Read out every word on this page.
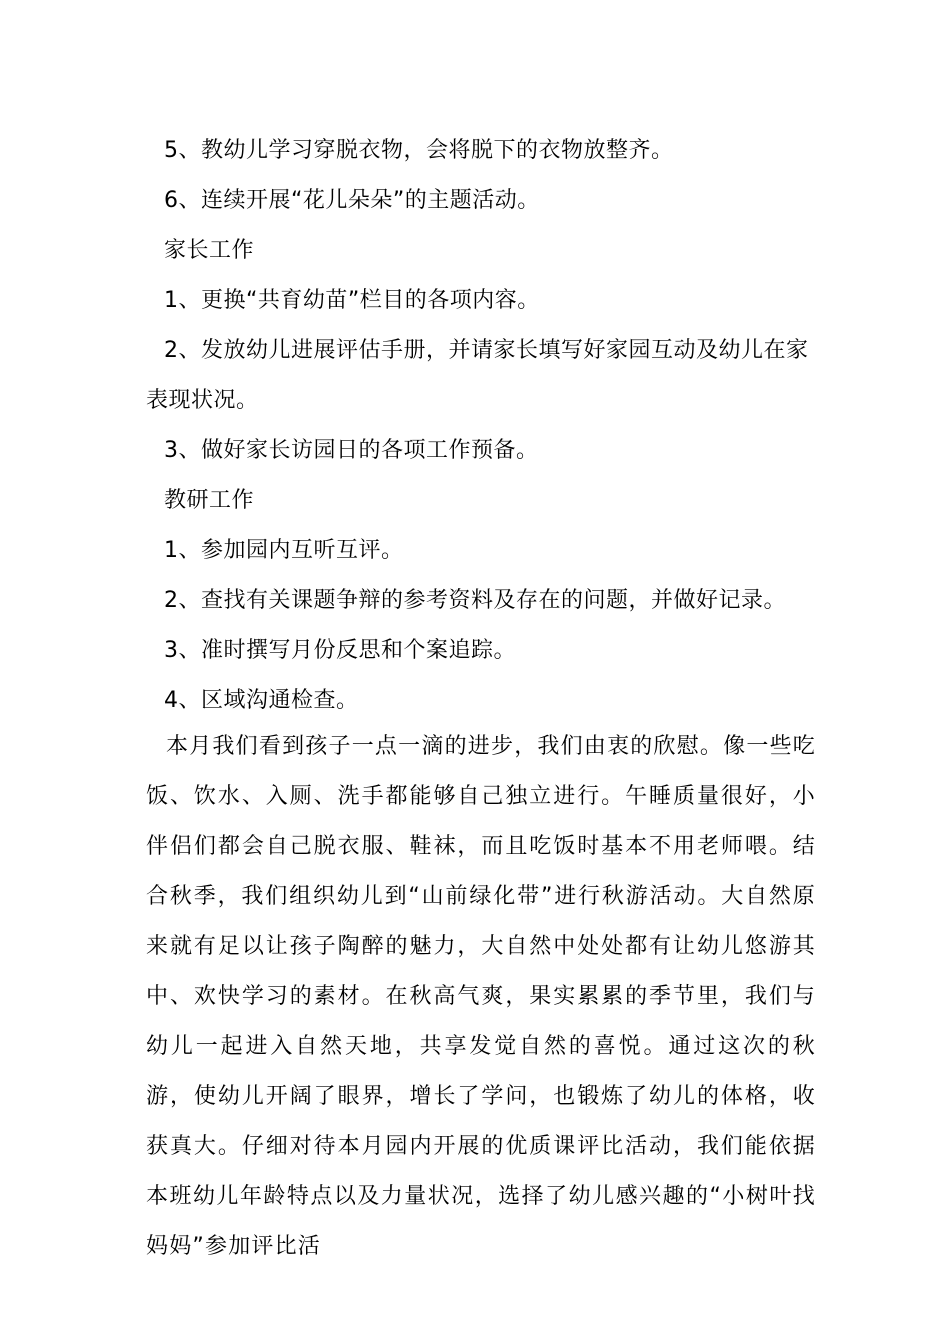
5、教幼儿学习穿脱衣物，会将脱下的衣物放整齐。
6、连续开展“花儿朵朵”的主题活动。
家长工作
1、更换“共育幼苗”栏目的各项内容。
2、发放幼儿进展评估手册，并请家长填写好家园互动及幼儿在家
表现状况。
3、做好家长访园日的各项工作预备。
教研工作
1、参加园内互听互评。
2、查找有关课题争辩的参考资料及存在的问题，并做好记录。
3、准时撰写月份反思和个案追踪。
4、区域沟通检查。
本月我们看到孩子一点一滴的进步，我们由衷的欣慰。像一些吃饭、饮水、入厕、洗手都能够自己独立进行。午睡质量很好，小伴侣们都会自己脱衣服、鞋袜，而且吃饭时基本不用老师喂。结合秋季，我们组织幼儿到“山前绿化带”进行秋游活动。大自然原来就有足以让孩子陶醉的魅力，大自然中处处都有让幼儿悠游其中、欢快学习的素材。在秋高气爽，果实累累的季节里，我们与幼儿一起进入自然天地，共享发觉自然的喜悦。通过这次的秋游，使幼儿开阔了眼界，增长了学问，也锻炼了幼儿的体格，收获真大。仔细对待本月园内开展的优质课评比活动，我们能依据本班幼儿年龄特点以及力量状况，选择了幼儿感兴趣的“小树叶找妈妈”参加评比活
